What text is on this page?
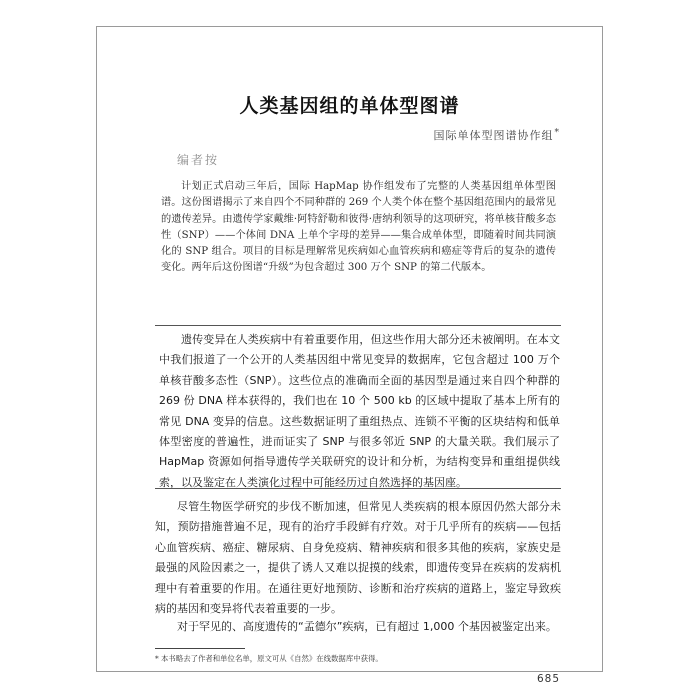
人类基因组的单体型图谱
国际单体型图谱协作组*
编者按

计划正式启动三年后，国际 HapMap 协作组发布了完整的人类基因组单体型图谱。这份图谱揭示了来自四个不同种群的 269 个人类个体在整个基因组范围内的最常见的遗传差异。由遗传学家戴维·阿特舒勒和彼得·唐纳利领导的这项研究，将单核苷酸多态性（SNP）——个体间 DNA 上单个字母的差异——集合成单体型，即随着时间共同演化的 SNP 组合。项目的目标是理解常见疾病如心血管疾病和癌症等背后的复杂的遗传变化。两年后这份图谱“升级”为包含超过 300 万个 SNP 的第二代版本。

遗传变异在人类疾病中有着重要作用，但这些作用大部分还未被阐明。在本文中我们报道了一个公开的人类基因组中常见变异的数据库，它包含超过 100 万个单核苷酸多态性（SNP）。这些位点的准确而全面的基因型是通过来自四个种群的 269 份 DNA 样本获得的，我们也在 10 个 500 kb 的区域中提取了基本上所有的常见 DNA 变异的信息。这些数据证明了重组热点、连锁不平衡的区块结构和低单体型密度的普遍性，进而证实了 SNP 与很多邻近 SNP 的大量关联。我们展示了 HapMap 资源如何指导遗传学关联研究的设计和分析，为结构变异和重组提供线索，以及鉴定在人类演化过程中可能经历过自然选择的基因座。

尽管生物医学研究的步伐不断加速，但常见人类疾病的根本原因仍然大部分未知，预防措施普遍不足，现有的治疗手段鲜有疗效。对于几乎所有的疾病——包括心血管疾病、癌症、糖尿病、自身免疫病、精神疾病和很多其他的疾病，家族史是最强的风险因素之一，提供了诱人又难以捉摸的线索，即遗传变异在疾病的发病机理中有着重要的作用。在通往更好地预防、诊断和治疗疾病的道路上，鉴定导致疾病的基因和变异将代表着重要的一步。

对于罕见的、高度遗传的“孟德尔”疾病，已有超过 1,000 个基因被鉴定出来。

* 本书略去了作者和单位名单，原文可从《自然》在线数据库中获得。

685
